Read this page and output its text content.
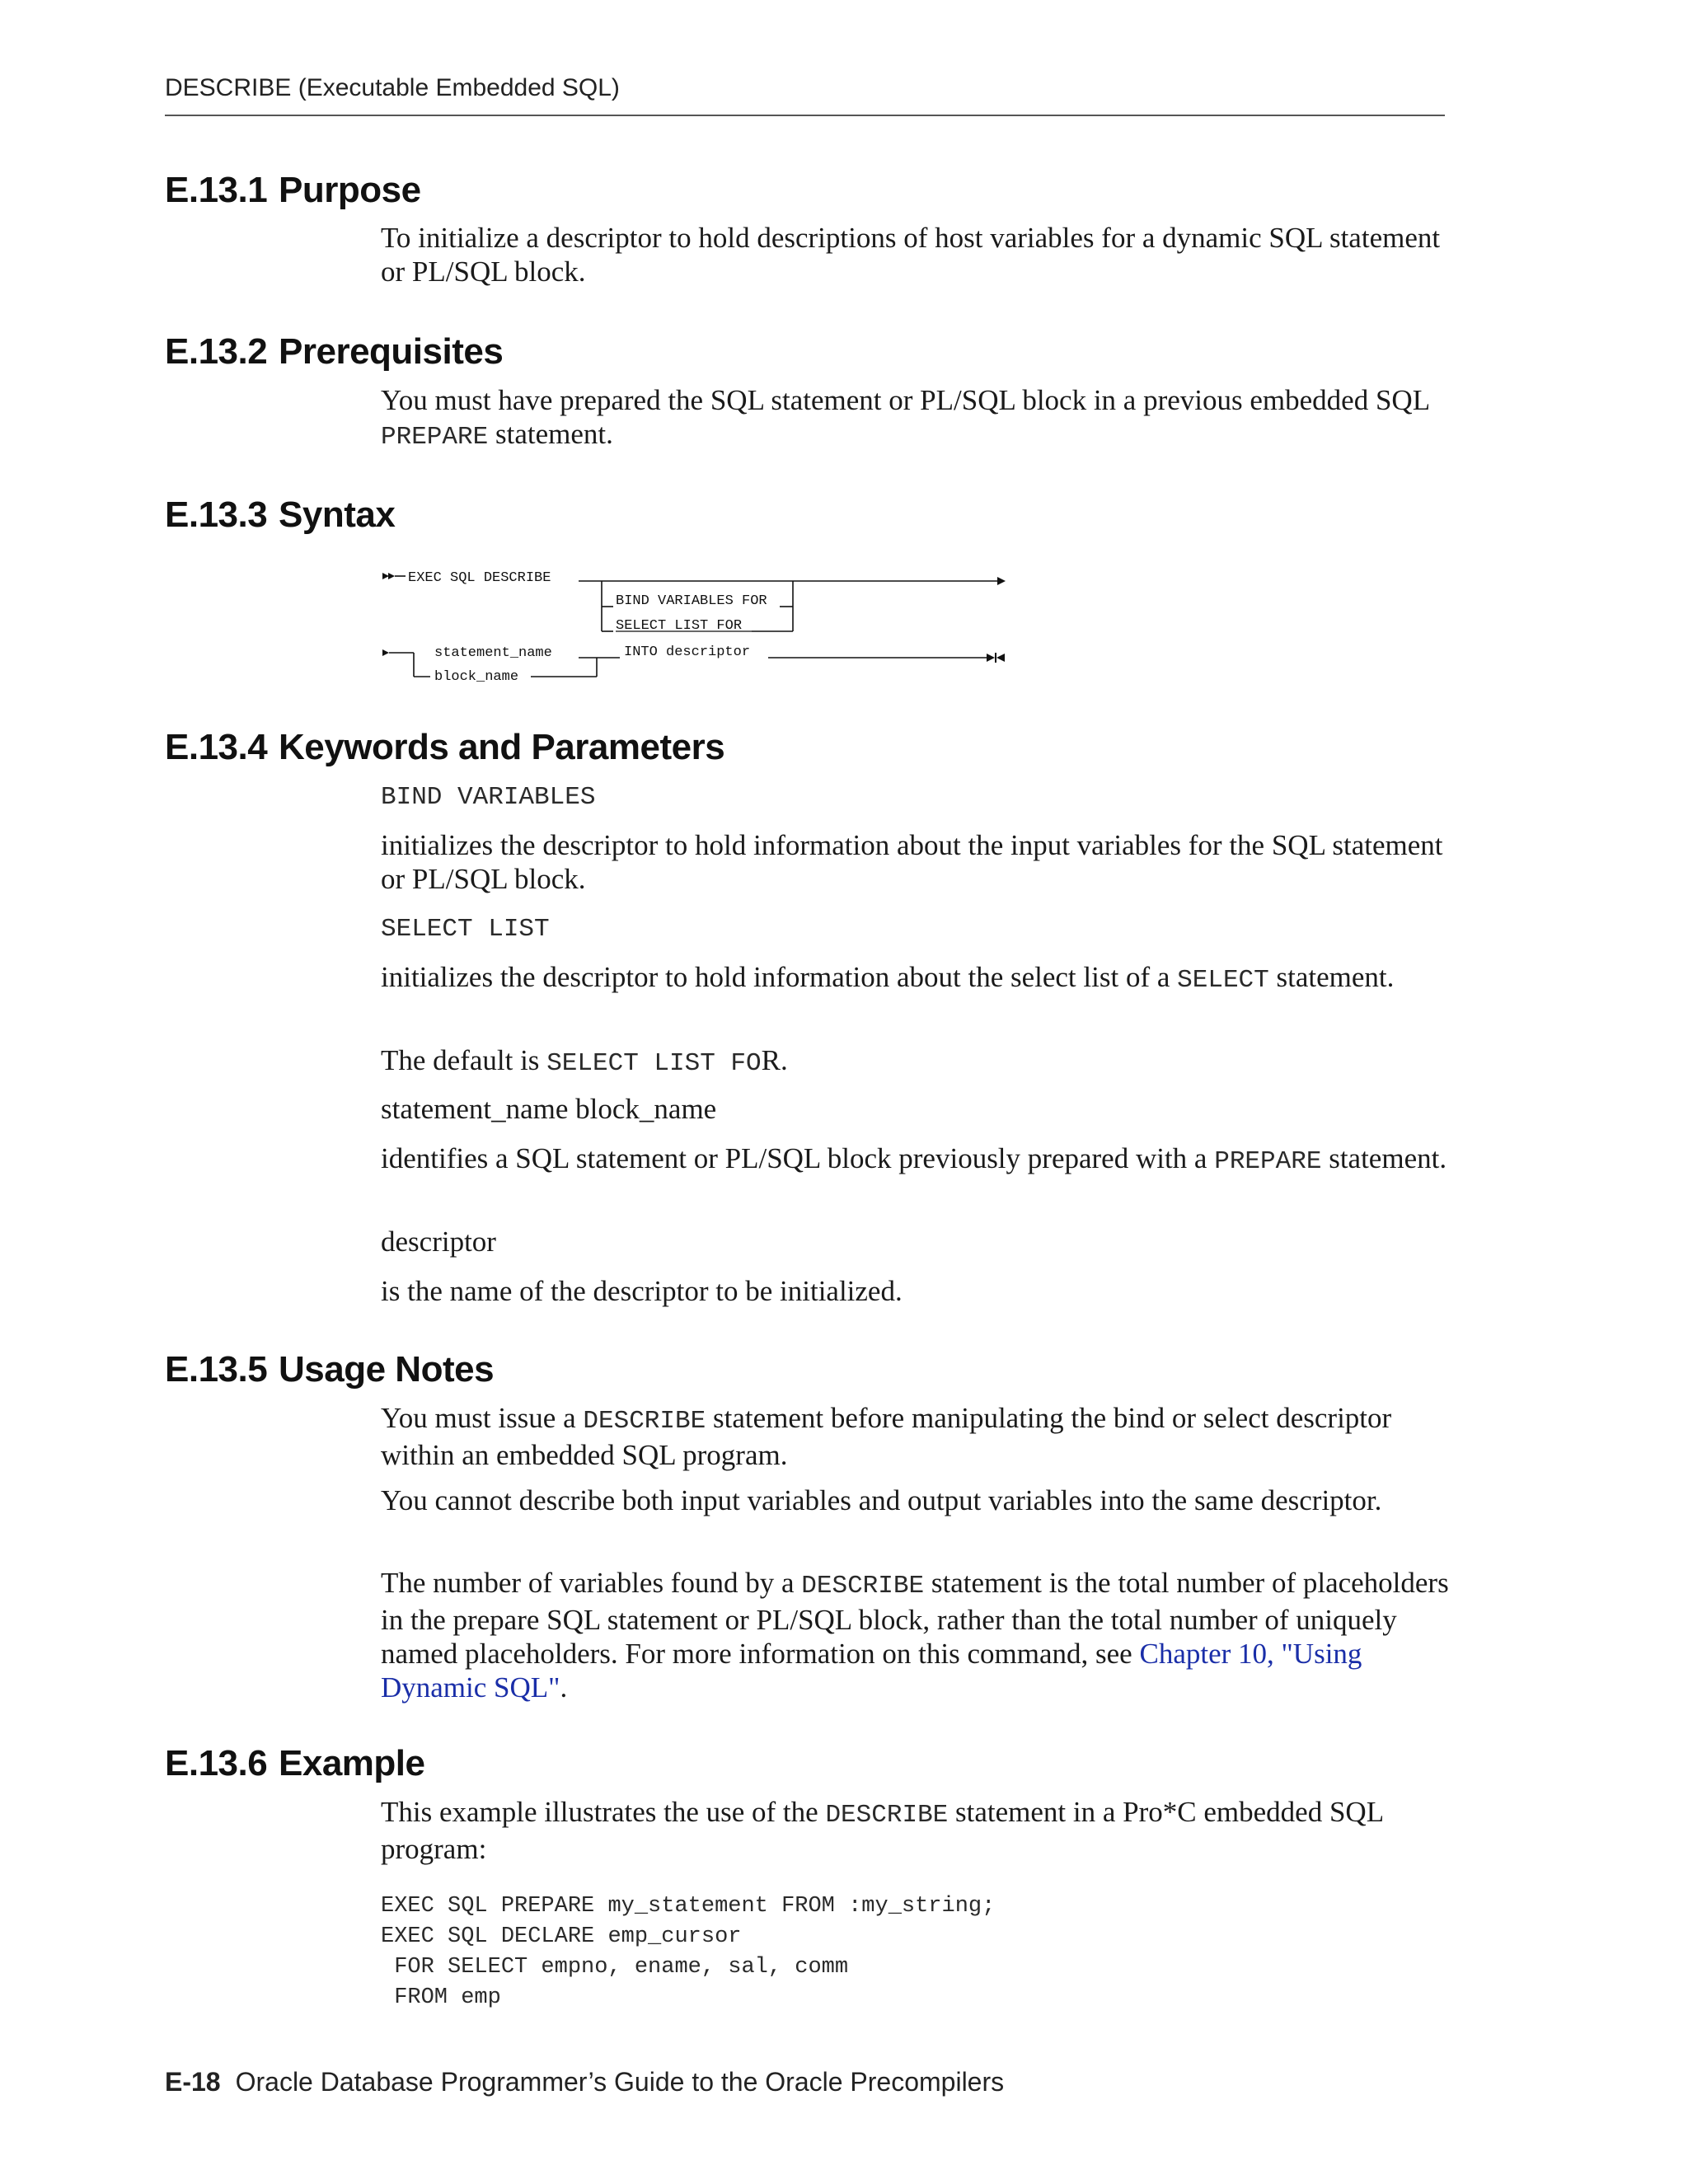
DESCRIBE (Executable Embedded SQL)
E.13.1 Purpose

To initialize a descriptor to hold descriptions of host variables for a dynamic SQL statement or PL/SQL block.

E.13.2 Prerequisites

You must have prepared the SQL statement or PL/SQL block in a previous embedded SQL PREPARE statement.

E.13.3 Syntax
EXEC SQL DESCRIBE
BIND VARIABLES FOR
SELECT LIST FOR
statement_name
block_name
INTO descriptor
E.13.4 Keywords and Parameters
BIND VARIABLES

initializes the descriptor to hold information about the input variables for the SQL statement or PL/SQL block.

SELECT LIST

initializes the descriptor to hold information about the select list of a SELECT statement.

The default is SELECT LIST FOR.

statement_name block_name

identifies a SQL statement or PL/SQL block previously prepared with a PREPARE statement.

descriptor

is the name of the descriptor to be initialized.

E.13.5 Usage Notes

You must issue a DESCRIBE statement before manipulating the bind or select descriptor within an embedded SQL program.

You cannot describe both input variables and output variables into the same descriptor.

The number of variables found by a DESCRIBE statement is the total number of placeholders in the prepare SQL statement or PL/SQL block, rather than the total number of uniquely named placeholders. For more information on this command, see Chapter 10, "Using Dynamic SQL".

E.13.6 Example

This example illustrates the use of the DESCRIBE statement in a Pro*C embedded SQL program:

EXEC SQL PREPARE my_statement FROM :my_string;
EXEC SQL DECLARE emp_cursor
FOR SELECT empno, ename, sal, comm
FROM emp
E-18 Oracle Database Programmer’s Guide to the Oracle Precompilers
